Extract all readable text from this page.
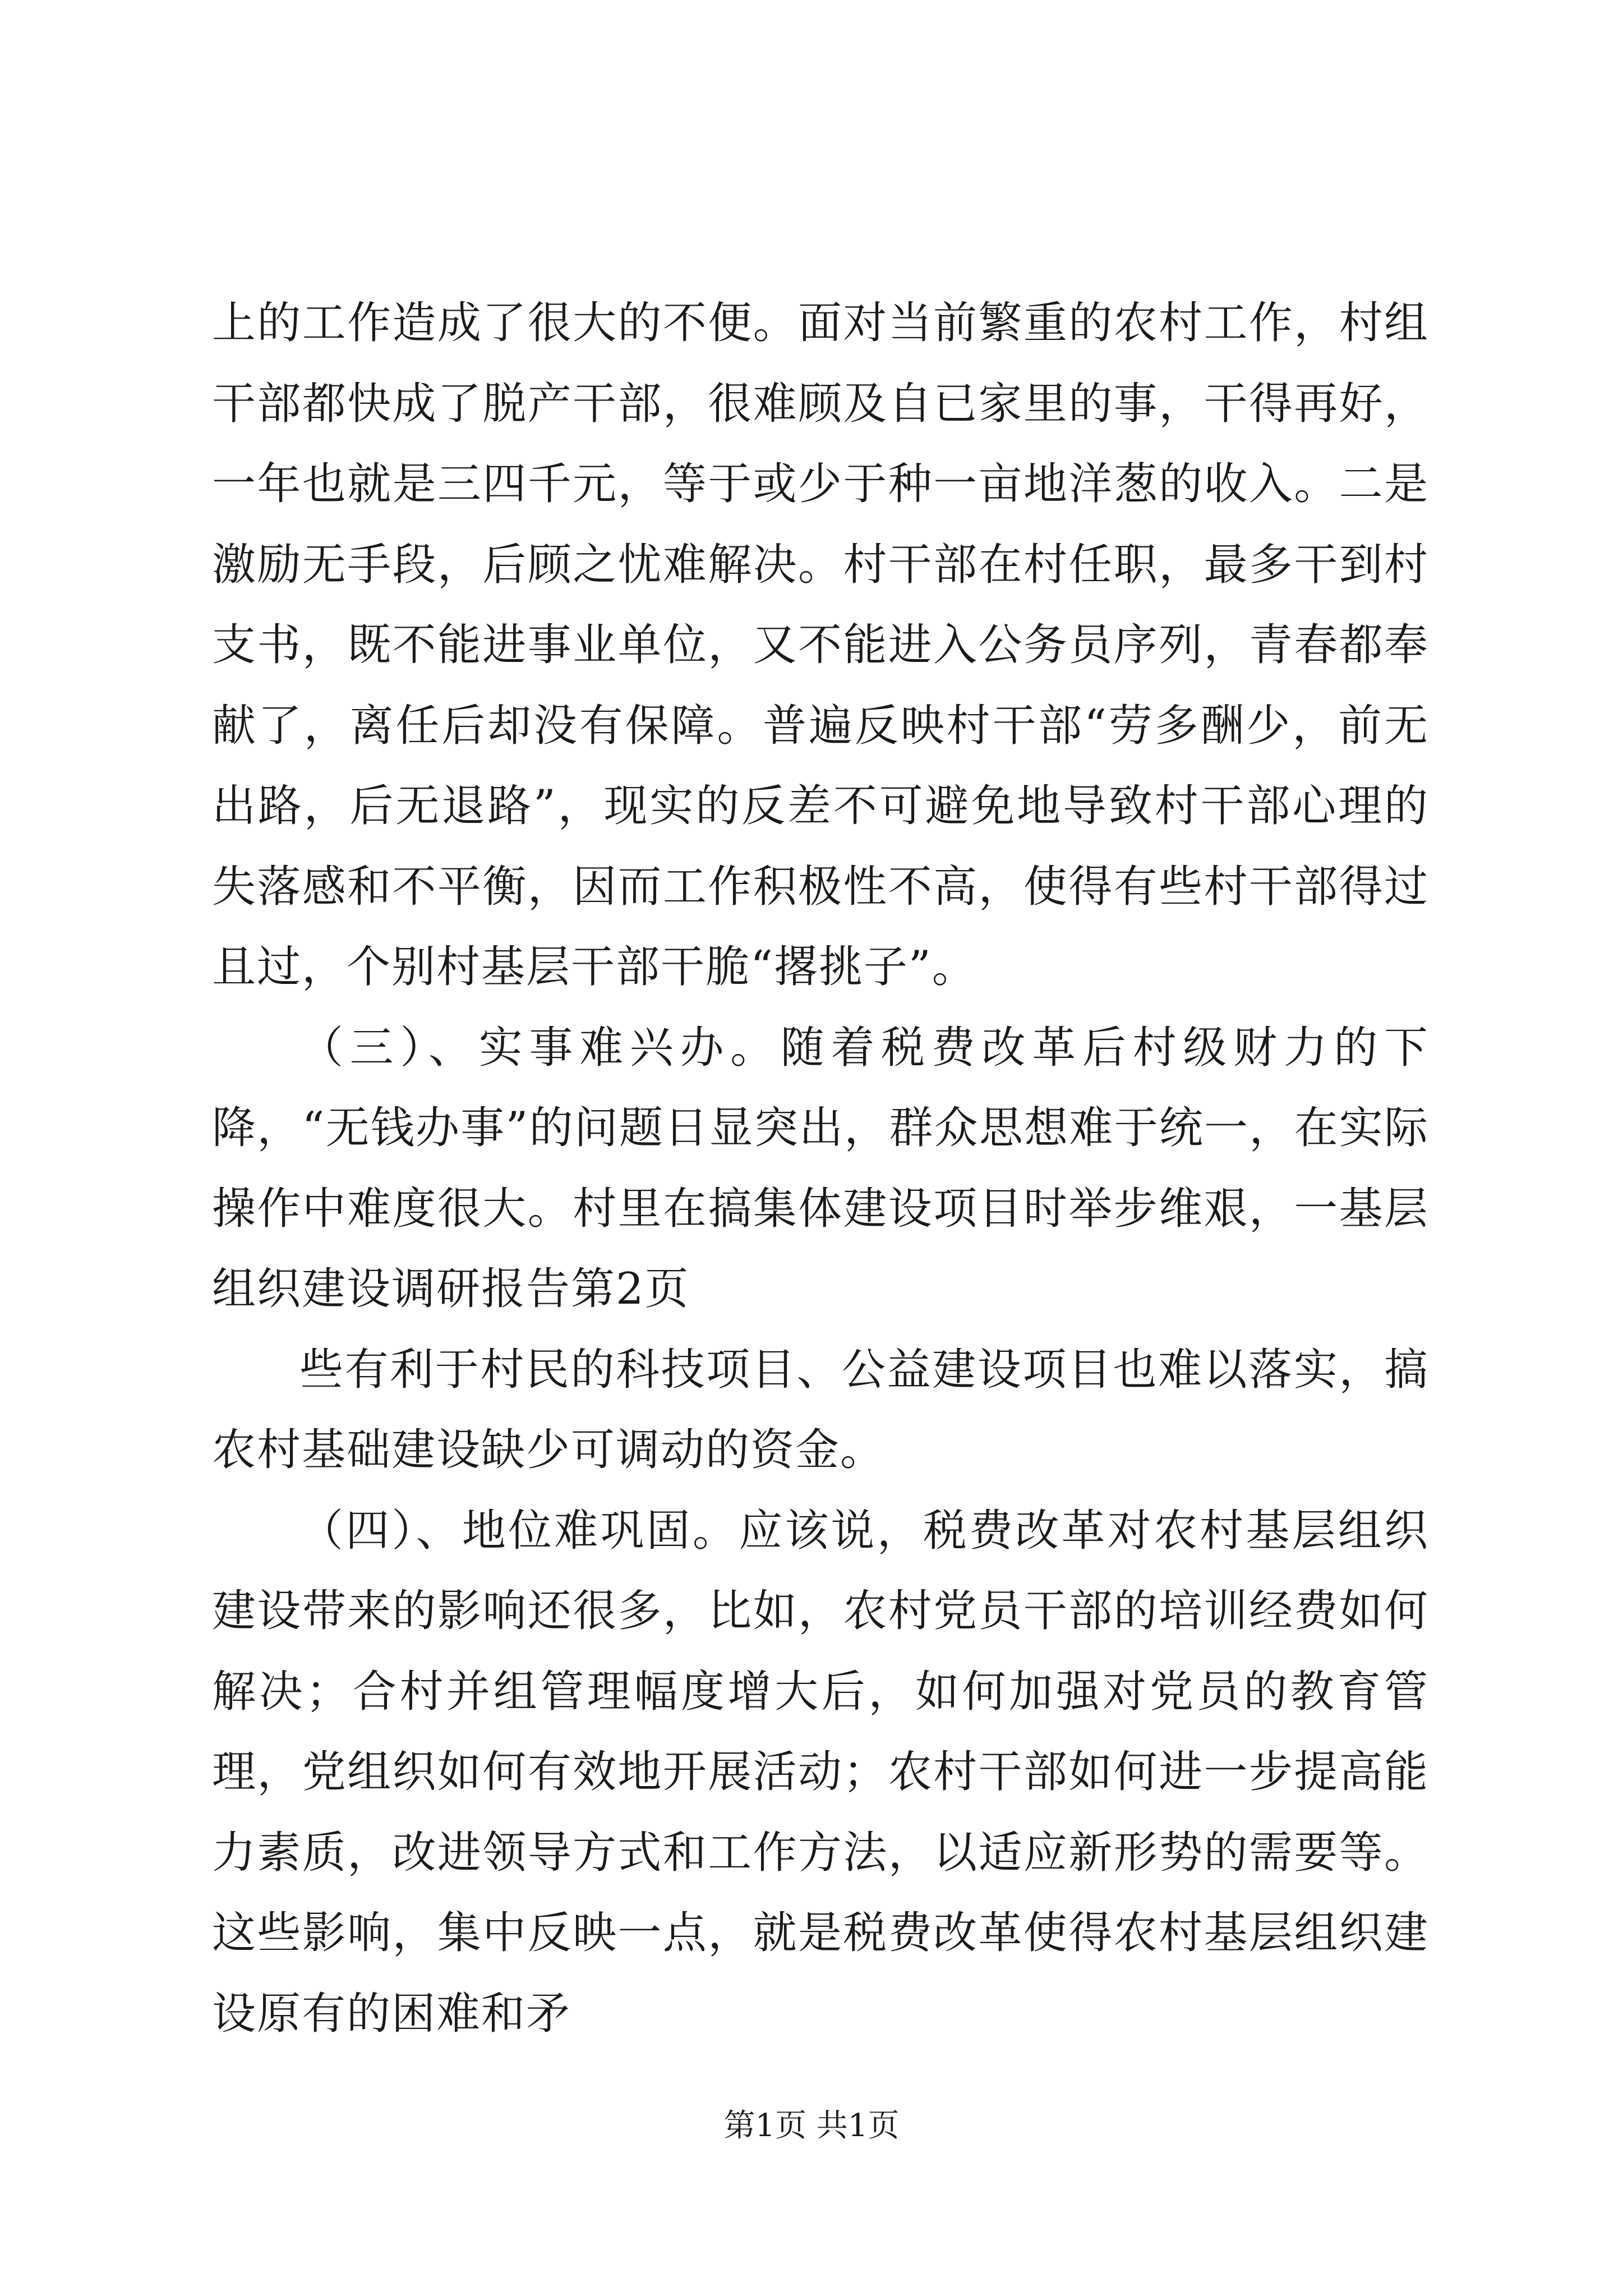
上的工作造成了很大的不便。面对当前繁重的农村工作，村组干部都快成了脱产干部，很难顾及自已家里的事，干得再好，一年也就是三四千元，等于或少于种一亩地洋葱的收入。二是激励无手段，后顾之忧难解决。村干部在村任职，最多干到村支书，既不能进事业单位，又不能进入公务员序列，青春都奉献了，离任后却没有保障。普遍反映村干部“劳多酬少，前无出路，后无退路”，现实的反差不可避免地导致村干部心理的失落感和不平衡，因而工作积极性不高，使得有些村干部得过且过，个别村基层干部干脆“撂挑子”。

（三）、实事难兴办。随着税费改革后村级财力的下降，“无钱办事”的问题日显突出，群众思想难于统一，在实际操作中难度很大。村里在搞集体建设项目时举步维艰，一基层组织建设调研报告第2页

些有利于村民的科技项目、公益建设项目也难以落实，搞农村基础建设缺少可调动的资金。

（四）、地位难巩固。应该说，税费改革对农村基层组织建设带来的影响还很多，比如，农村党员干部的培训经费如何解决；合村并组管理幅度增大后，如何加强对党员的教育管理，党组织如何有效地开展活动；农村干部如何进一步提高能力素质，改进领导方式和工作方法，以适应新形势的需要等。这些影响，集中反映一点，就是税费改革使得农村基层组织建设原有的困难和矛

第1页 共1页
